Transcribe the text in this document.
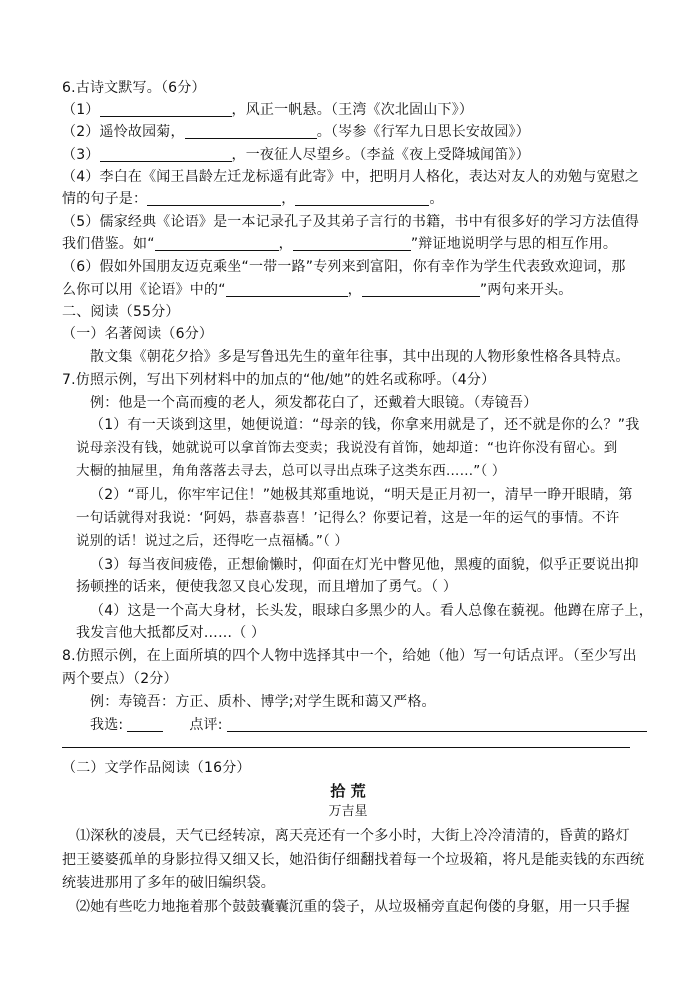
6.古诗文默写。（6分）
（1）	，风正一帆悬。（王湾《次北固山下》）
（2）遥怜故园菊，	。（岑参《行军九日思长安故园》）
（3）	，一夜征人尽望乡。（李益《夜上受降城闻笛》）
（4）李白在《闻王昌龄左迁龙标遥有此寄》中，把明月人格化，表达对友人的劝勉与宽慰之
情的句子是：	，	。
（5）儒家经典《论语》是一本记录孔子及其弟子言行的书籍，书中有很多好的学习方法值得
我们借鉴。如“	，	”辩证地说明学与思的相互作用。
（6）假如外国朋友迈克乘坐“一带一路”专列来到富阳，你有幸作为学生代表致欢迎词，那
么你可以用《论语》中的“	，	”两句来开头。
二、阅读（55分）
（一）名著阅读（6分）
散文集《朝花夕拾》多是写鲁迅先生的童年往事，其中出现的人物形象性格各具特点。
7.仿照示例，写出下列材料中的加点的“他/她”的姓名或称呼。（4分）
例：他是一个高而瘦的老人，须发都花白了，还戴着大眼镜。（寿镜吾）
（1）有一天谈到这里，她便说道：“母亲的钱，你拿来用就是了，还不就是你的么？”我
说母亲没有钱，她就说可以拿首饰去变卖；我说没有首饰，她却道：“也许你没有留心。到
大橱的抽屉里，角角落落去寻去，总可以寻出点珠子这类东西……”（ ）
（2）“哥儿，你牢牢记住！”她极其郑重地说，“明天是正月初一，清早一睁开眼睛，第
一句话就得对我说：‘阿妈，恭喜恭喜！’记得么？你要记着，这是一年的运气的事情。不许
说别的话！说过之后，还得吃一点福橘。”（ ）
（3）每当夜间疲倦，正想偷懒时，仰面在灯光中瞥见他，黑瘦的面貌，似乎正要说出抑
扬顿挫的话来，便使我忽又良心发现，而且增加了勇气。（ ）
（4）这是一个高大身材，长头发，眼球白多黑少的人。看人总像在藐视。他蹲在席子上，
我发言他大抵都反对……（ ）
8.仿照示例，在上面所填的四个人物中选择其中一个，给她（他）写一句话点评。（至少写出
两个要点）（2分）
例：寿镜吾：方正、质朴、博学;对学生既和蔼又严格。
我选:	点评:
（二）文学作品阅读（16分）
拾 荒
万吉星
⑴深秋的凌晨，天气已经转凉，离天亮还有一个多小时，大街上冷冷清清的，昏黄的路灯
把王婆婆孤单的身影拉得又细又长，她沿街仔细翻找着每一个垃圾箱，将凡是能卖钱的东西统
统装进那用了多年的破旧编织袋。
⑵她有些吃力地拖着那个鼓鼓囊囊沉重的袋子，从垃圾桶旁直起佝偻的身躯，用一只手握
